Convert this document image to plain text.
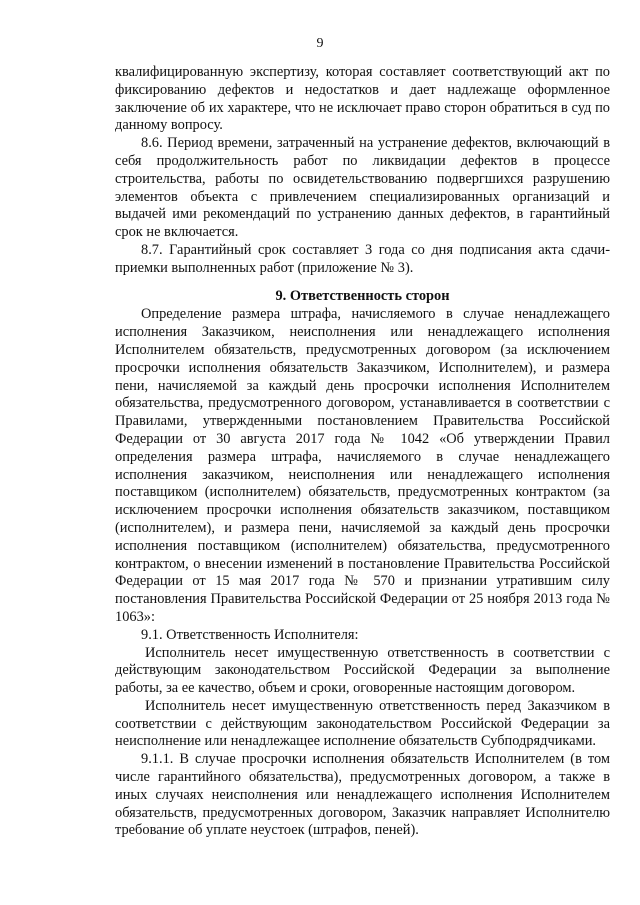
9

квалифицированную экспертизу, которая составляет соответствующий акт по фиксированию дефектов и недостатков и дает надлежаще оформленное заключение об их характере, что не исключает право сторон обратиться в суд по данному вопросу.

8.6. Период времени, затраченный на устранение дефектов, включающий в себя продолжительность работ по ликвидации дефектов в процессе строительства, работы по освидетельствованию подвергшихся разрушению элементов объекта с привлечением специализированных организаций и выдачей ими рекомендаций по устранению данных дефектов, в гарантийный срок не включается.

8.7. Гарантийный срок составляет 3 года со дня подписания акта сдачи-приемки выполненных работ (приложение № 3).

9. Ответственность сторон

Определение размера штрафа, начисляемого в случае ненадлежащего исполнения Заказчиком, неисполнения или ненадлежащего исполнения Исполнителем обязательств, предусмотренных договором (за исключением просрочки исполнения обязательств Заказчиком, Исполнителем), и размера пени, начисляемой за каждый день просрочки исполнения Исполнителем обязательства, предусмотренного договором, устанавливается в соответствии с Правилами, утвержденными постановлением Правительства Российской Федерации от 30 августа 2017 года № 1042 «Об утверждении Правил определения размера штрафа, начисляемого в случае ненадлежащего исполнения заказчиком, неисполнения или ненадлежащего исполнения поставщиком (исполнителем) обязательств, предусмотренных контрактом (за исключением просрочки исполнения обязательств заказчиком, поставщиком (исполнителем), и размера пени, начисляемой за каждый день просрочки исполнения поставщиком (исполнителем) обязательства, предусмотренного контрактом, о внесении изменений в постановление Правительства Российской Федерации от 15 мая 2017 года № 570 и признании утратившим силу постановления Правительства Российской Федерации от 25 ноября 2013 года № 1063»:

9.1. Ответственность Исполнителя:

Исполнитель несет имущественную ответственность в соответствии с действующим законодательством Российской Федерации за выполнение работы, за ее качество, объем и сроки, оговоренные настоящим договором.

Исполнитель несет имущественную ответственность перед Заказчиком в соответствии с действующим законодательством Российской Федерации за неисполнение или ненадлежащее исполнение обязательств Субподрядчиками.

9.1.1. В случае просрочки исполнения обязательств Исполнителем (в том числе гарантийного обязательства), предусмотренных договором, а также в иных случаях неисполнения или ненадлежащего исполнения Исполнителем обязательств, предусмотренных договором, Заказчик направляет Исполнителю требование об уплате неустоек (штрафов, пеней).
